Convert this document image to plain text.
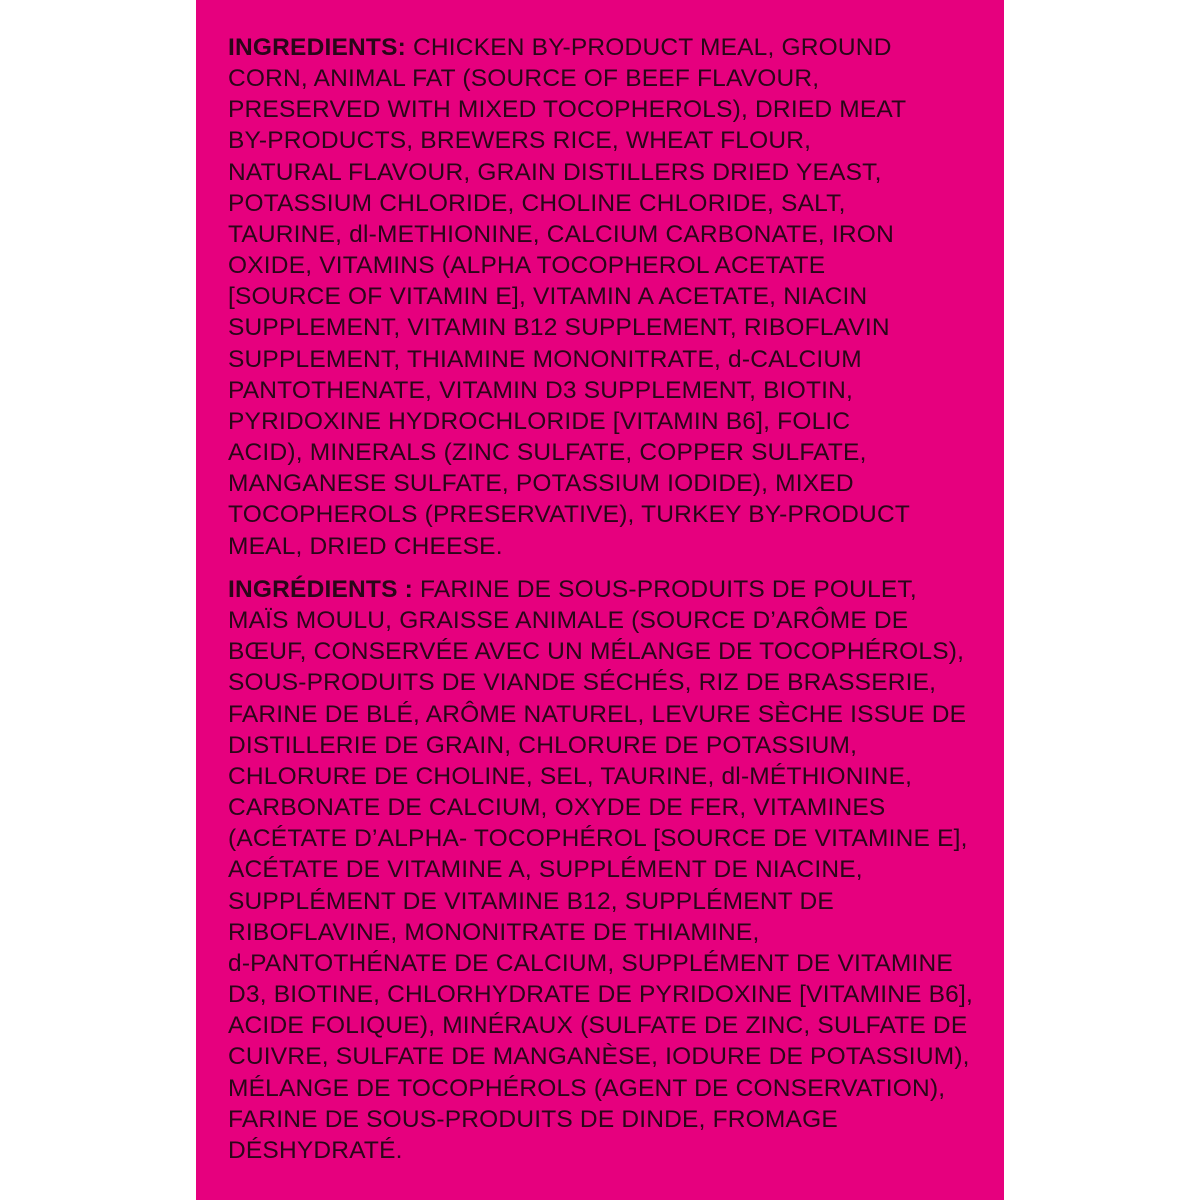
INGREDIENTS: CHICKEN BY-PRODUCT MEAL, GROUND
CORN, ANIMAL FAT (SOURCE OF BEEF FLAVOUR,
PRESERVED WITH MIXED TOCOPHEROLS), DRIED MEAT
BY-PRODUCTS, BREWERS RICE, WHEAT FLOUR,
NATURAL FLAVOUR, GRAIN DISTILLERS DRIED YEAST,
POTASSIUM CHLORIDE, CHOLINE CHLORIDE, SALT,
TAURINE, dl-METHIONINE, CALCIUM CARBONATE, IRON
OXIDE, VITAMINS (ALPHA TOCOPHEROL ACETATE
[SOURCE OF VITAMIN E], VITAMIN A ACETATE, NIACIN
SUPPLEMENT, VITAMIN B12 SUPPLEMENT, RIBOFLAVIN
SUPPLEMENT, THIAMINE MONONITRATE, d-CALCIUM
PANTOTHENATE, VITAMIN D3 SUPPLEMENT, BIOTIN,
PYRIDOXINE HYDROCHLORIDE [VITAMIN B6], FOLIC
ACID), MINERALS (ZINC SULFATE, COPPER SULFATE,
MANGANESE SULFATE, POTASSIUM IODIDE), MIXED
TOCOPHEROLS (PRESERVATIVE), TURKEY BY-PRODUCT
MEAL, DRIED CHEESE.
INGRÉDIENTS : FARINE DE SOUS-PRODUITS DE POULET,
MAÏS MOULU, GRAISSE ANIMALE (SOURCE D’ARÔME DE
BŒUF, CONSERVÉE AVEC UN MÉLANGE DE TOCOPHÉROLS),
SOUS-PRODUITS DE VIANDE SÉCHÉS, RIZ DE BRASSERIE,
FARINE DE BLÉ, ARÔME NATUREL, LEVURE SÈCHE ISSUE DE
DISTILLERIE DE GRAIN, CHLORURE DE POTASSIUM,
CHLORURE DE CHOLINE, SEL, TAURINE, dl-MÉTHIONINE,
CARBONATE DE CALCIUM, OXYDE DE FER, VITAMINES
(ACÉTATE D’ALPHA- TOCOPHÉROL [SOURCE DE VITAMINE E],
ACÉTATE DE VITAMINE A, SUPPLÉMENT DE NIACINE,
SUPPLÉMENT DE VITAMINE B12, SUPPLÉMENT DE
RIBOFLAVINE, MONONITRATE DE THIAMINE,
d-PANTOTHÉNATE DE CALCIUM, SUPPLÉMENT DE VITAMINE
D3, BIOTINE, CHLORHYDRATE DE PYRIDOXINE [VITAMINE B6],
ACIDE FOLIQUE), MINÉRAUX (SULFATE DE ZINC, SULFATE DE
CUIVRE, SULFATE DE MANGANÈSE, IODURE DE POTASSIUM),
MÉLANGE DE TOCOPHÉROLS (AGENT DE CONSERVATION),
FARINE DE SOUS-PRODUITS DE DINDE, FROMAGE
DÉSHYDRATÉ.
